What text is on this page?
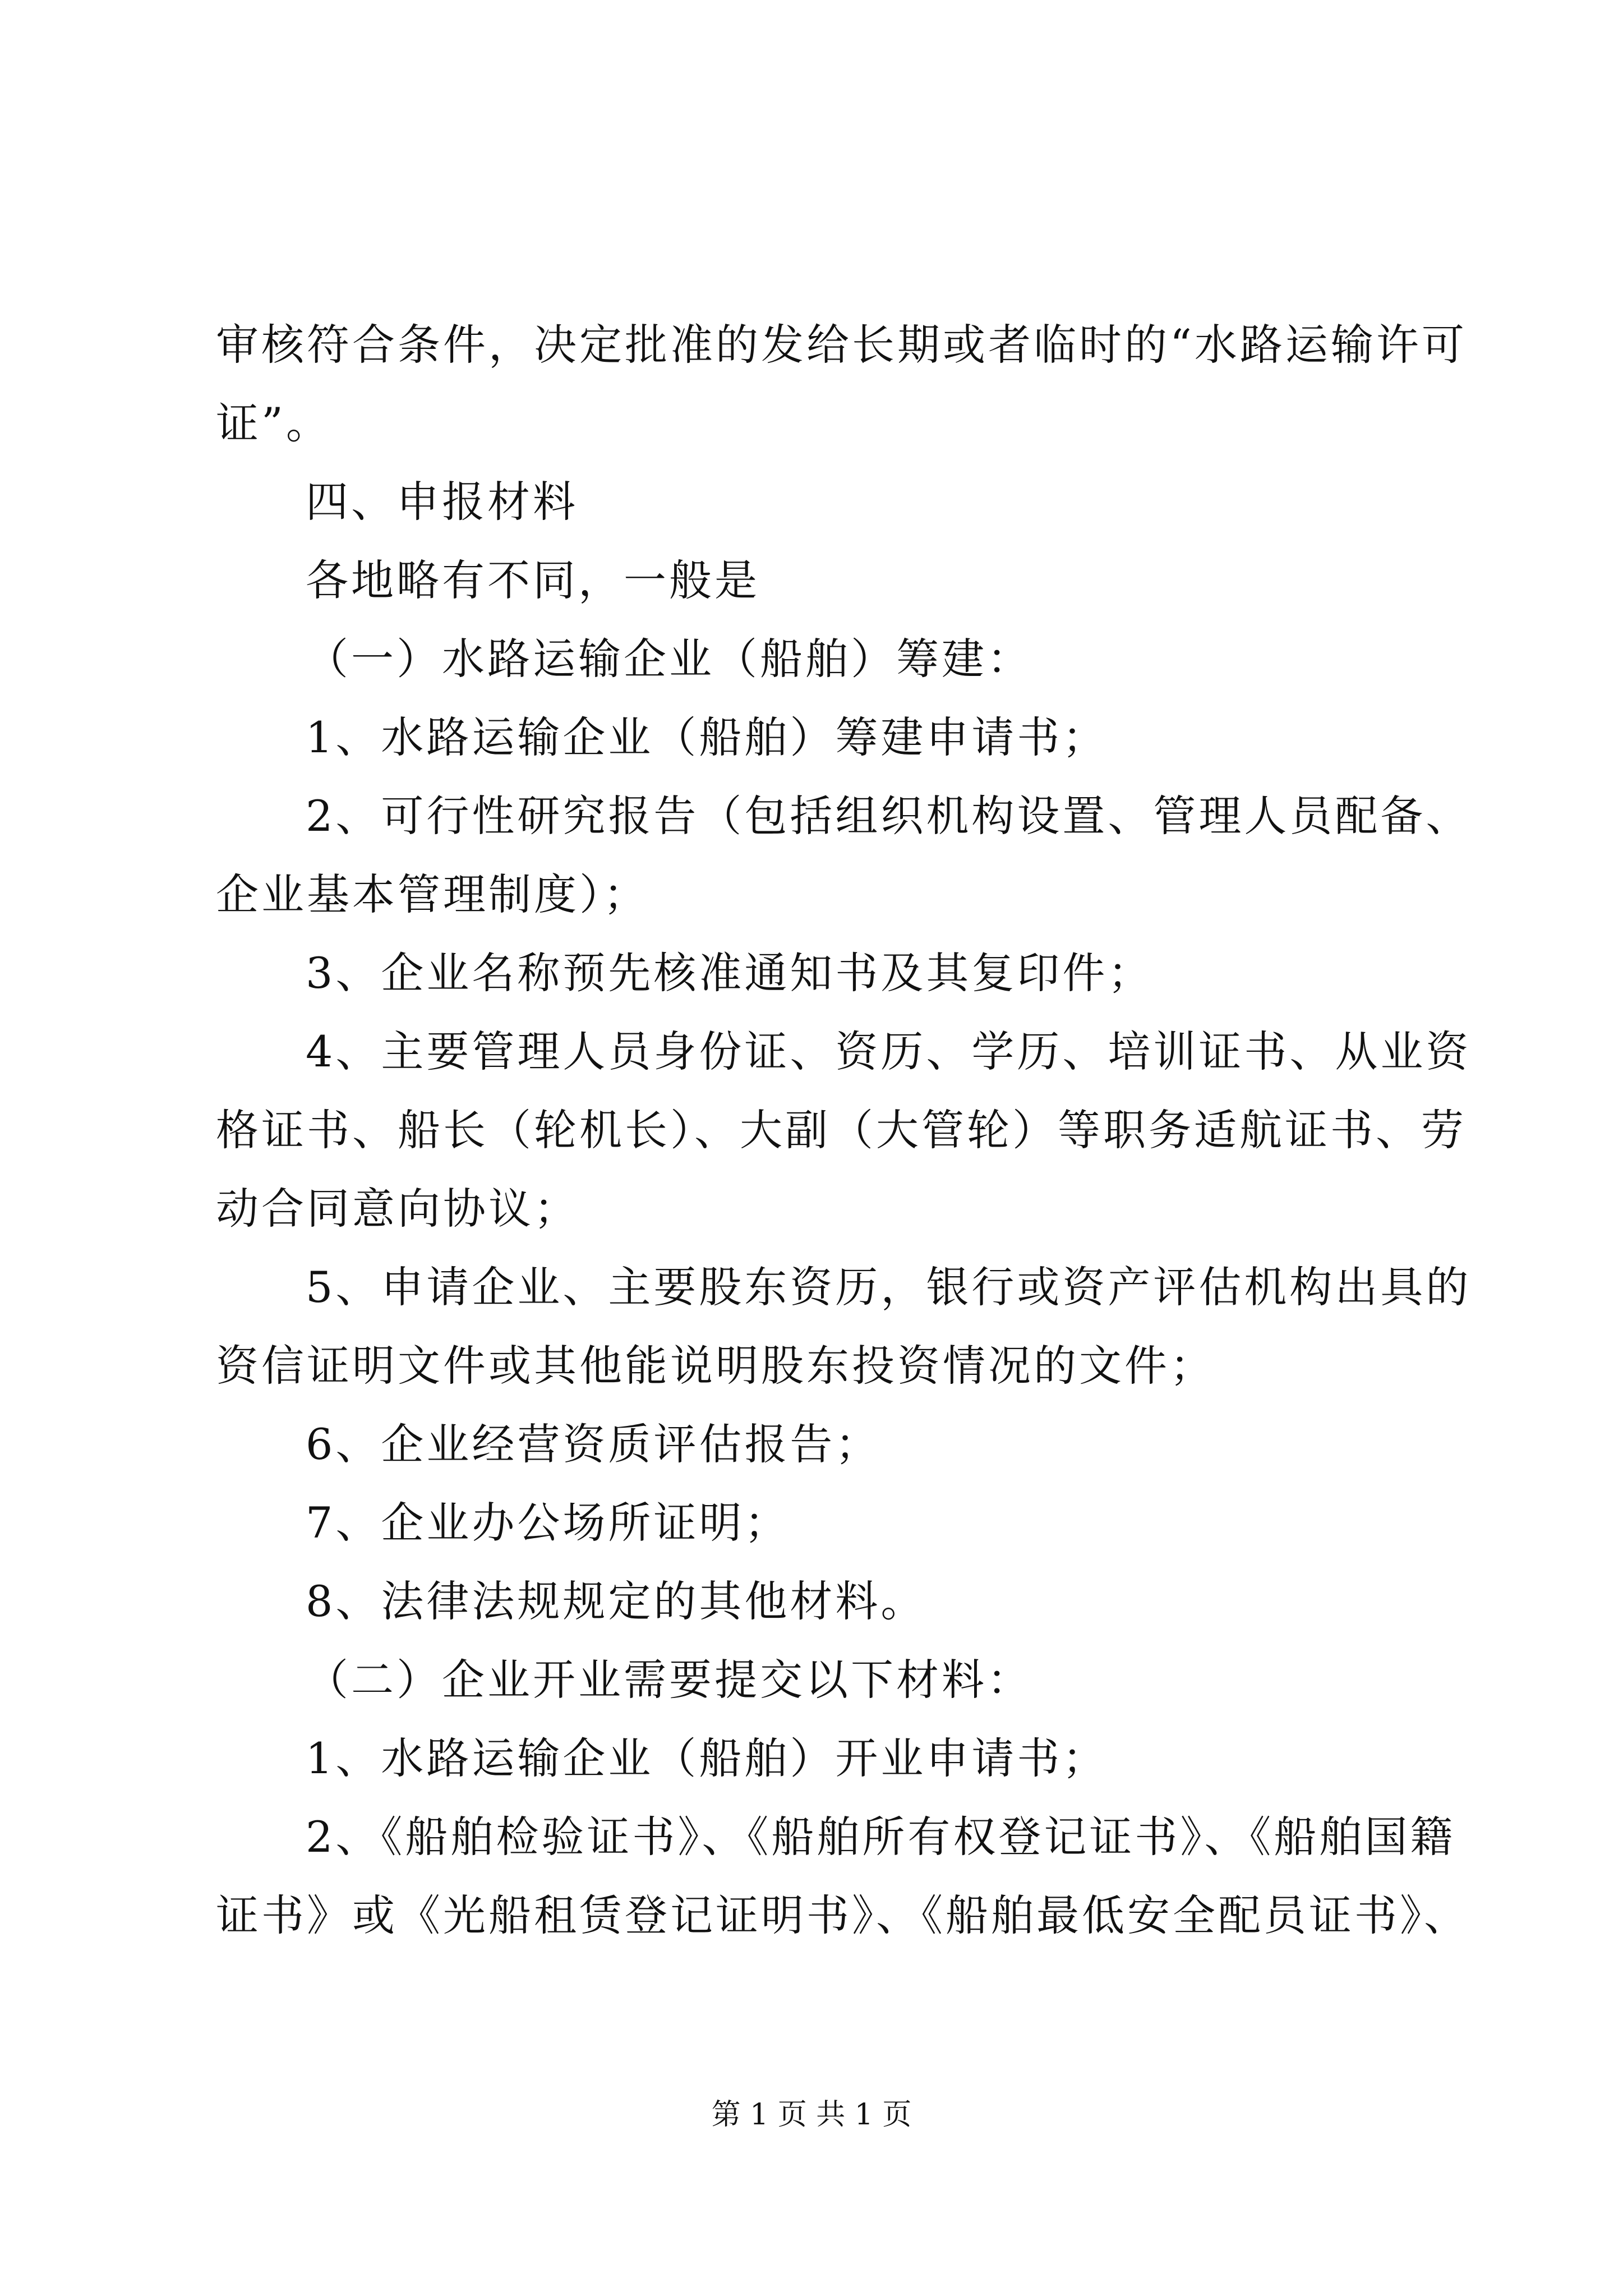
审核符合条件，决定批准的发给长期或者临时的“水路运输许可
证”。
四、申报材料
各地略有不同，一般是
（一）水路运输企业（船舶）筹建：
1、水路运输企业（船舶）筹建申请书；
2、可行性研究报告（包括组织机构设置、管理人员配备、
企业基本管理制度）；
3、企业名称预先核准通知书及其复印件；
4、主要管理人员身份证、资历、学历、培训证书、从业资
格证书、船长（轮机长）、大副（大管轮）等职务适航证书、劳
动合同意向协议；
5、申请企业、主要股东资历，银行或资产评估机构出具的
资信证明文件或其他能说明股东投资情况的文件；
6、企业经营资质评估报告；
7、企业办公场所证明；
8、法律法规规定的其他材料。
（二）企业开业需要提交以下材料：
1、水路运输企业（船舶）开业申请书；
2、《船舶检验证书》、《船舶所有权登记证书》、《船舶国籍
证书》或《光船租赁登记证明书》、《船舶最低安全配员证书》、
第 1 页 共 1 页
